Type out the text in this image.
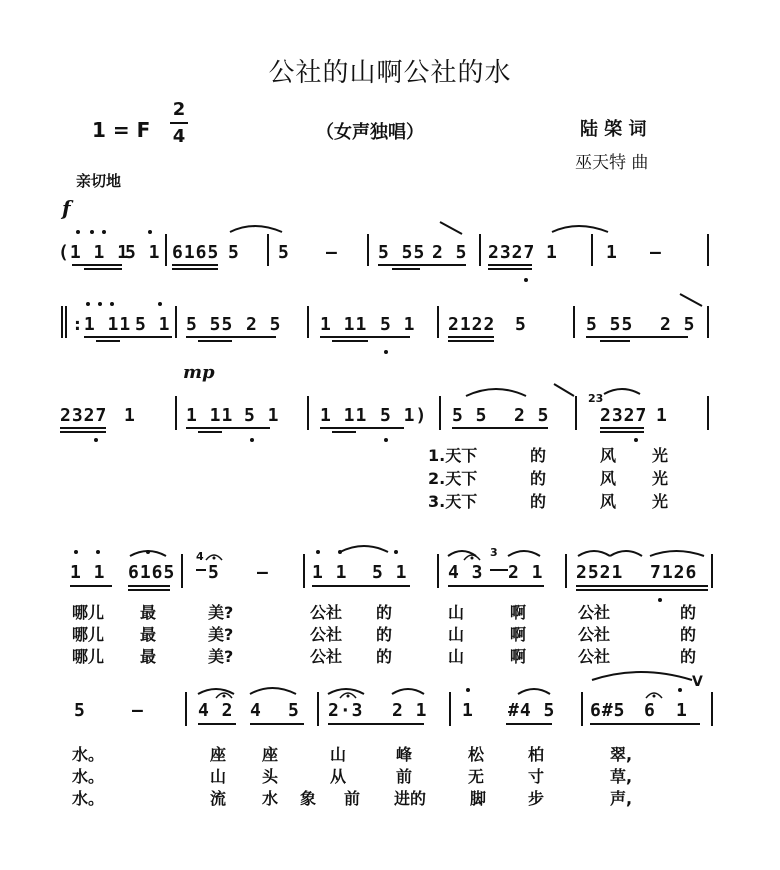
公社的山啊公社的水
1 = F $\frac{2}{4}$	（女声独唱）	陆 棨 词
巫天特 曲
亲切地
f
mp
(1 1 1
5 1 6165 5 5 — 5 55 2 5 2327 1	1 —
:1 11 5 1 5 55 2 5 1 11 5 1 2122 5	5 55 2 5
2327 1	1 11 5 1 1 11 5 1) 5 5 2 5	2327 1
23
1.天下	的	风 光
2.天下	的	风 光
3.天下	的	风 光
1 1 6165 5 — 1 1 5 1 4 3 2 1 2521 7126
4	3
哪儿 最	美?	公社 的	山	啊	公社	的
哪儿 最	美?	公社 的	山	啊	公社	的
哪儿 最	美?	公社 的	山	啊	公社	的
5	—	4 2 4 5 2·3 2 1 1 #4 5 6#5 6 1
V
水。	座 座	山	峰	松	柏	翠,
水。	山 头	从	前	无	寸	草,
水。	流 水 象 前 进的	脚	步	声,
